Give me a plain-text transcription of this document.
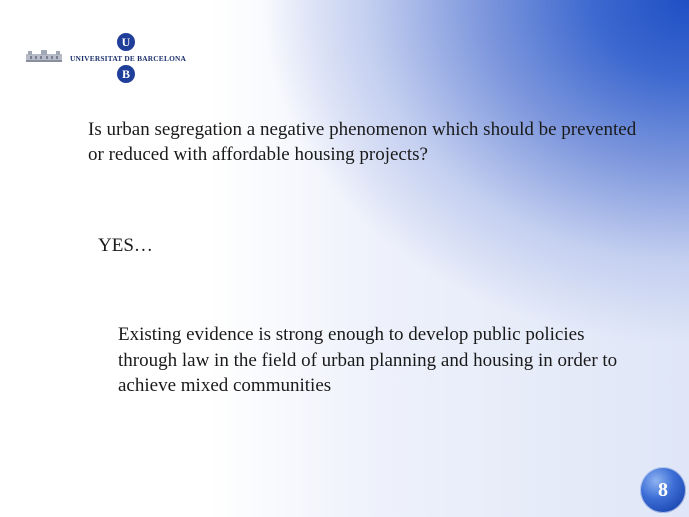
U
UNIVERSITAT DE BARCELONA
B
Is urban segregation a negative phenomenon which should be prevented or reduced with affordable housing projects?
YES…
Existing evidence is strong enough to develop public policies through law in the field of urban planning and housing in order to achieve mixed communities
8
